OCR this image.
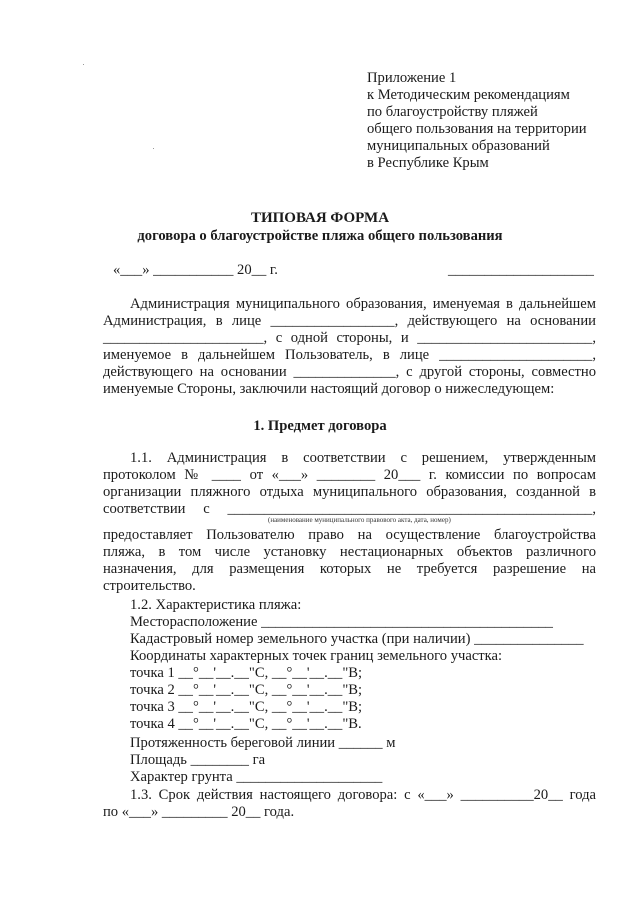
Приложение 1
к Методическим рекомендациям
по благоустройству пляжей
общего пользования на территории
муниципальных образований
в Республике Крым
ТИПОВАЯ ФОРМА
договора о благоустройстве пляжа общего пользования
«___» ___________ 20__ г.	____________________
Администрация муниципального образования, именуемая в дальнейшем
Администрация, в лице _________________, действующего на основании
______________________, с одной стороны, и ________________________,
именуемое в дальнейшем Пользователь, в лице _____________________,
действующего на основании ______________, с другой стороны, совместно
именуемые Стороны, заключили настоящий договор о нижеследующем:
1. Предмет договора
1.1. Администрация в соответствии с решением, утвержденным
протоколом № ____ от «___» ________ 20___ г. комиссии по вопросам
организации пляжного отдыха муниципального образования, созданной в
соответствии с __________________________________________________,
(наименование муниципального правового акта, дата, номер)
предоставляет Пользователю право на осуществление благоустройства
пляжа, в том числе установку нестационарных объектов различного
назначения, для размещения которых не требуется разрешение на
строительство.
1.2. Характеристика пляжа:
Месторасположение ________________________________________
Кадастровый номер земельного участка (при наличии) _______________
Координаты характерных точек границ земельного участка:
точка 1 __°__'__.__"С, __°__'__.__"В;
точка 2 __°__'__.__"С, __°__'__.__"В;
точка 3 __°__'__.__"С, __°__'__.__"В;
точка 4 __°__'__.__"С, __°__'__.__"В.
Протяженность береговой линии ______ м
Площадь ________ га
Характер грунта ____________________
1.3. Срок действия настоящего договора: с «___» __________20__ года
по «___» _________ 20__ года.
